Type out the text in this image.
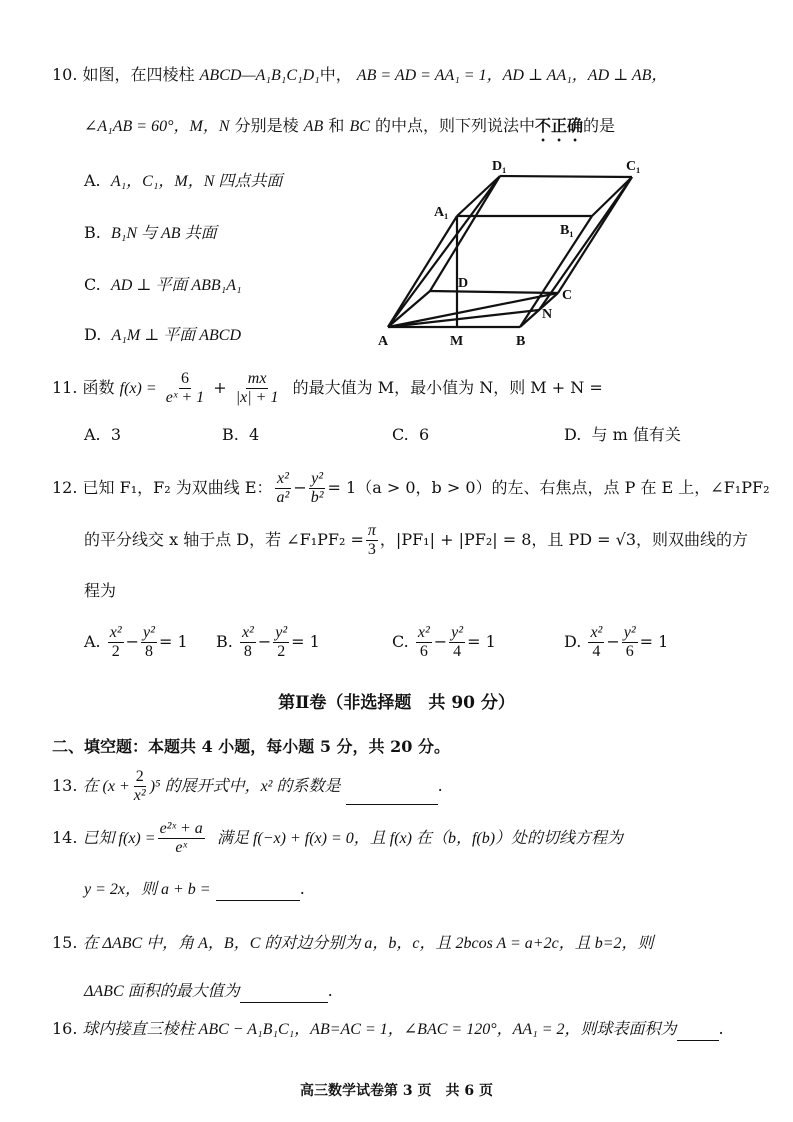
10. 如图，在四棱柱 ABCD—A₁B₁C₁D₁中， AB = AD = AA₁ = 1，AD ⊥ AA₁，AD ⊥ AB，
∠A₁AB = 60°，M，N 分别是棱 AB 和 BC 的中点，则下列说法中不正确的是
A. A₁，C₁，M，N 四点共面
B. B₁N 与 AB 共面
C. AD ⊥ 平面 ABB₁A₁
D. A₁M ⊥ 平面 ABCD	A	M	B
N
C
D
A₁
B₁
C₁
D₁
11. 函数 $f(x) = \frac{6}{\text{eˣ + 1}} + \frac{mx}{|x| + 1}$ 的最大值为 M，最小值为 N，则 M + N =
A. 3	B. 4	C. 6	D. 与 m 值有关
12. 已知 F₁，F₂ 为双曲线 E： $\frac{\text{x²}}{\text{a²}} - \frac{\text{y²}}{\text{b²}} = 1(a > 0$，b > 0）的左、右焦点，点 P 在 E 上，∠F₁PF₂
的平分线交 x 轴于点 D，若 ∠F₁PF₂ = $\frac{\pi}{3}$ ，|PF₁| + |PF₂| = 8，且 PD = √3，则双曲线的方
程为
A. $\frac{\text{x²}}{2} - \frac{\text{y²}}{8} = 1$ B. $\frac{\text{x²}}{8} - \frac{\text{y²}}{2} = 1$	C. $\frac{\text{x²}}{6} - \frac{\text{y²}}{4} = 1$	D. $\frac{\text{x²}}{4} - \frac{\text{y²}}{6} = 1$
第Ⅱ卷（非选择题　共 90 分）
二、填空题：本题共 4 小题，每小题 5 分，共 20 分。
13. 在 $(x + \frac{2}{\text{x²}} )^5$ 的展开式中，x² 的系数是	.
14. 已知 $f(x) = \frac{\text{e²ˣ + a}}{\text{eˣ}}$ 满足 f(−x) + f(x) = 0，且 f(x) 在（b，f(b)）处的切线方程为
y = 2x，则 a + b =	.
15. 在 ΔABC 中，角 A，B，C 的对边分别为 a，b，c，且 2bcos A = a+2c，且 b=2，则
ΔABC 面积的最大值为	.
16. 球内接直三棱柱 ABC − A₁B₁C₁，AB=AC = 1，∠BAC = 120°，AA₁ = 2，则球表面积为	.
高三数学试卷第 3 页　共 6 页
